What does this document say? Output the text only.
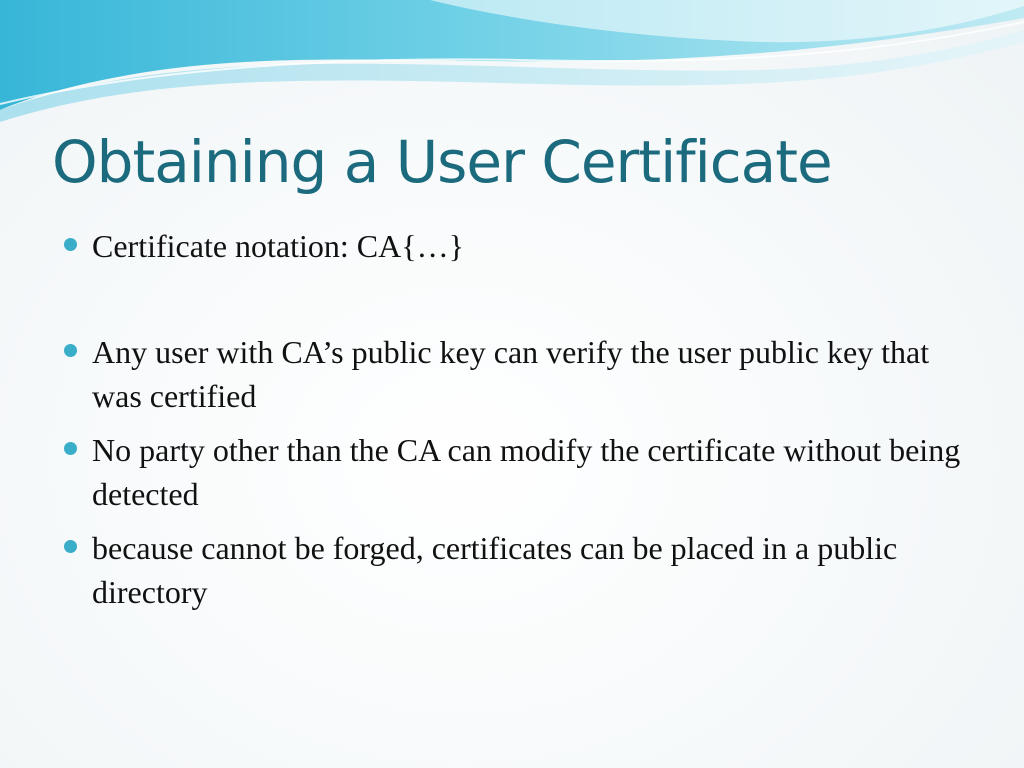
Obtaining a User Certificate
Certificate notation: CA{…}
Any user with CA’s public key can verify the user public key that was certified
No party other than the CA can modify the certificate without being detected
because cannot be forged, certificates can be placed in a public directory
